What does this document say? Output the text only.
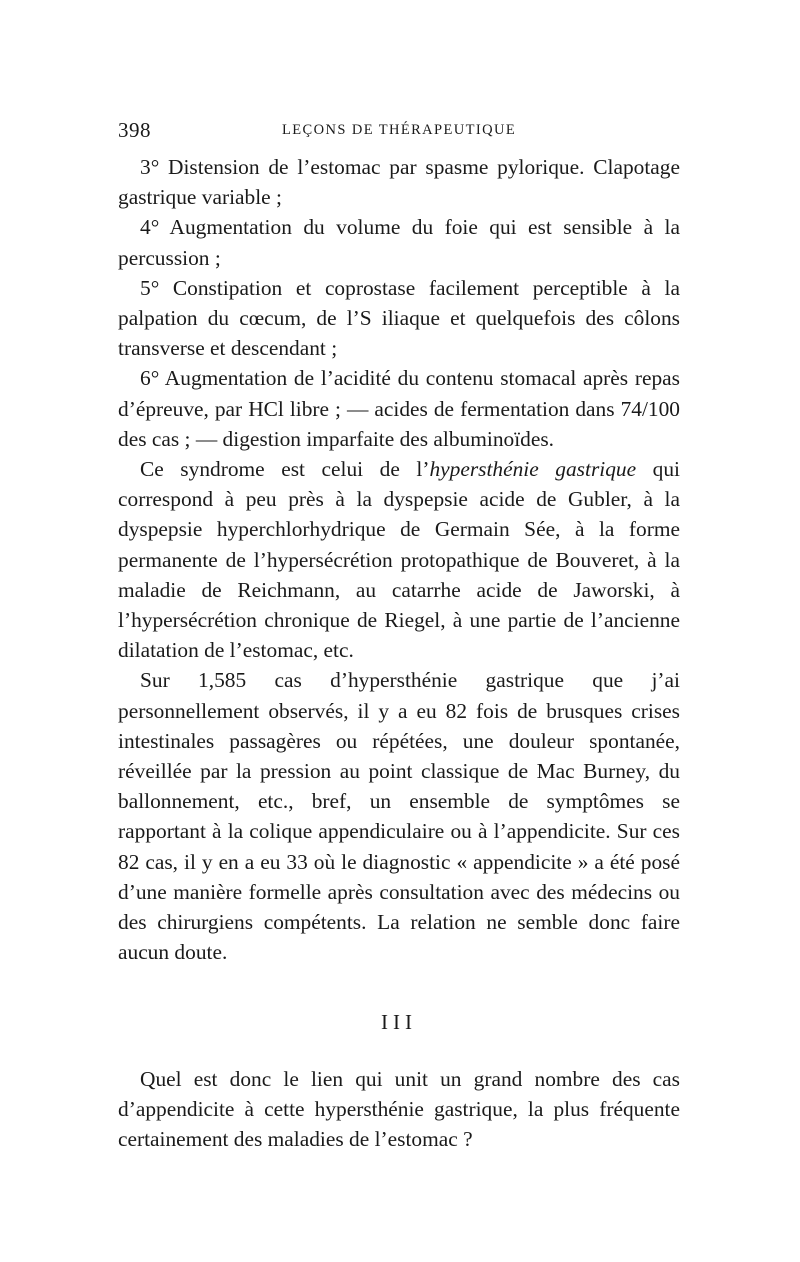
398	LEÇONS DE THÉRAPEUTIQUE

3° Distension de l’estomac par spasme pylorique. Clapotage gastrique variable ;

4° Augmentation du volume du foie qui est sensible à la percussion ;

5° Constipation et coprostase facilement perceptible à la palpation du cœcum, de l’S iliaque et quelquefois des côlons transverse et descendant ;

6° Augmentation de l’acidité du contenu stomacal après repas d’épreuve, par HCl libre ; — acides de fermentation dans 74/100 des cas ; — digestion imparfaite des albuminoïdes.

Ce syndrome est celui de l’hypersthénie gastrique qui correspond à peu près à la dyspepsie acide de Gubler, à la dyspepsie hyperchlorhydrique de Germain Sée, à la forme permanente de l’hypersécrétion protopathique de Bouveret, à la maladie de Reichmann, au catarrhe acide de Jaworski, à l’hypersécrétion chronique de Riegel, à une partie de l’ancienne dilatation de l’estomac, etc.

Sur 1,585 cas d’hypersthénie gastrique que j’ai personnellement observés, il y a eu 82 fois de brusques crises intestinales passagères ou répétées, une douleur spontanée, réveillée par la pression au point classique de Mac Burney, du ballonnement, etc., bref, un ensemble de symptômes se rapportant à la colique appendiculaire ou à l’appendicite. Sur ces 82 cas, il y en a eu 33 où le diagnostic « appendicite » a été posé d’une manière formelle après consultation avec des médecins ou des chirurgiens compétents. La relation ne semble donc faire aucun doute.

III

Quel est donc le lien qui unit un grand nombre des cas d’appendicite à cette hypersthénie gastrique, la plus fréquente certainement des maladies de l’estomac ?
